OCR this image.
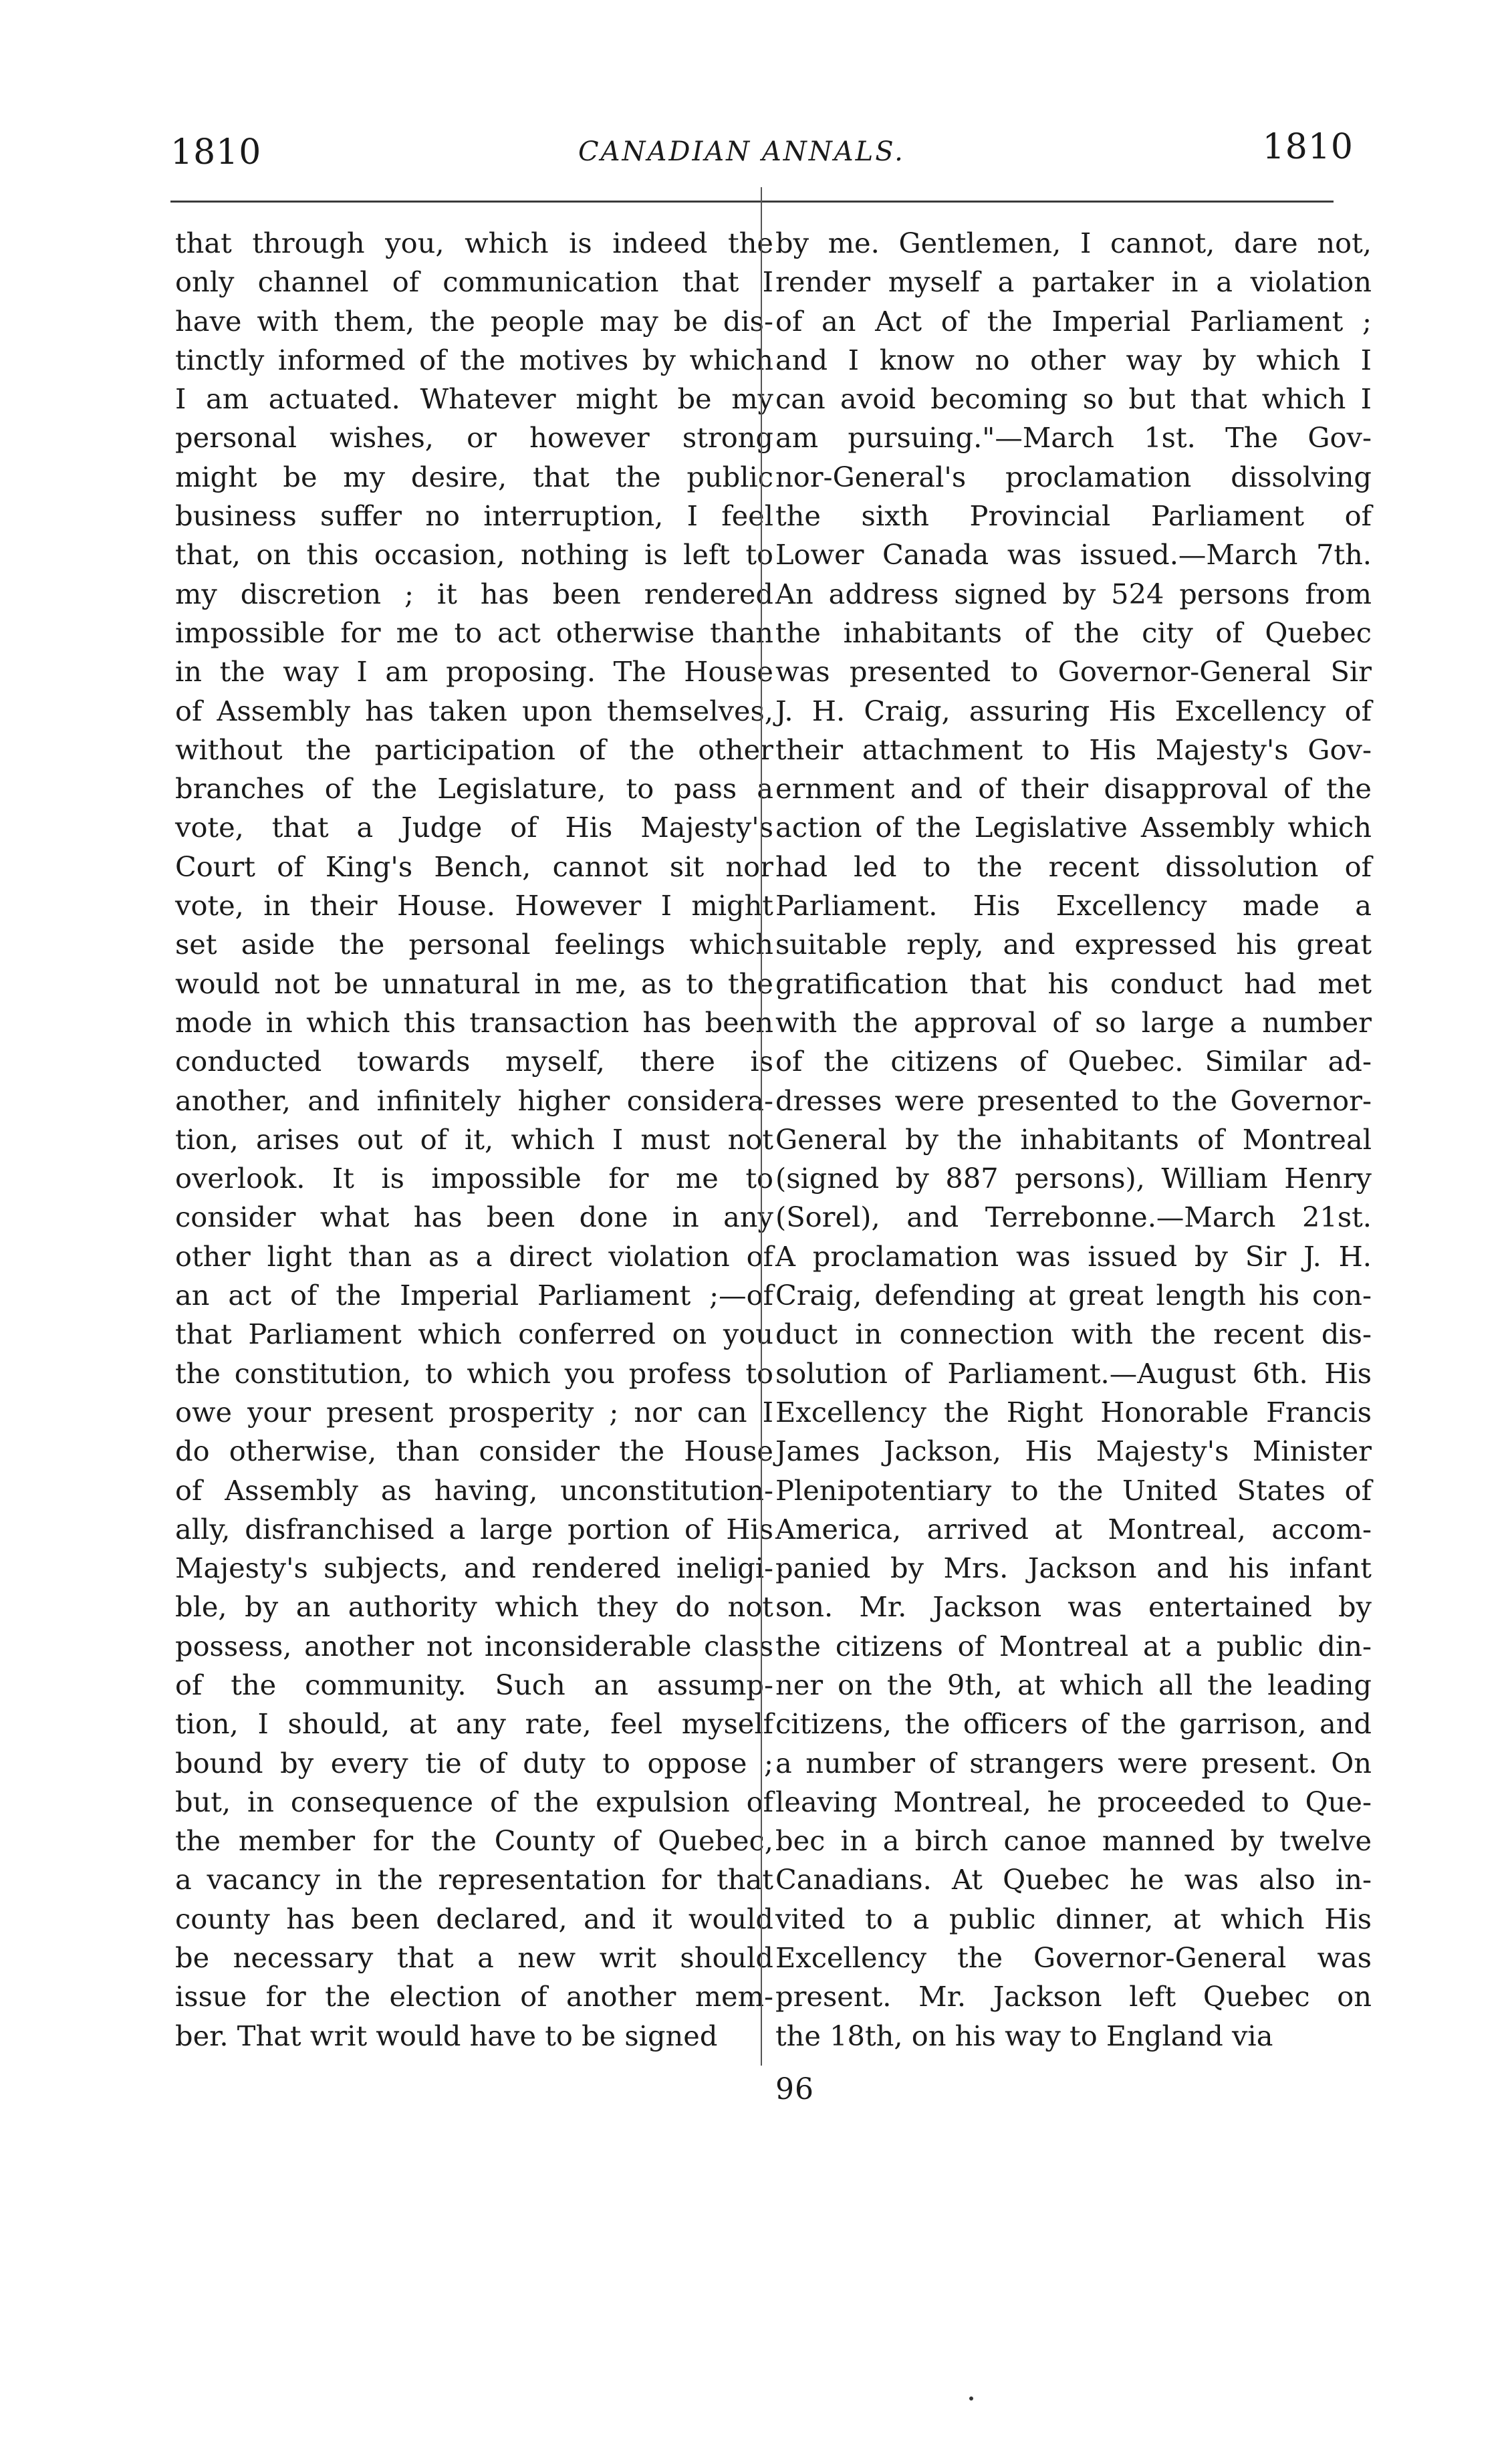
1810	CANADIAN ANNALS.	1810
that through you, which is indeed the
only channel of communication that I
have with them, the people may be dis-
tinctly informed of the motives by which
I am actuated. Whatever might be my
personal wishes, or however strong
might be my desire, that the public
business suffer no interruption, I feel
that, on this occasion, nothing is left to
my discretion ; it has been rendered
impossible for me to act otherwise than
in the way I am proposing. The House
of Assembly has taken upon themselves,
without the participation of the other
branches of the Legislature, to pass a
vote, that a Judge of His Majesty's
Court of King's Bench, cannot sit nor
vote, in their House. However I might
set aside the personal feelings which
would not be unnatural in me, as to the
mode in which this transaction has been
conducted towards myself, there is
another, and infinitely higher considera-
tion, arises out of it, which I must not
overlook. It is impossible for me to
consider what has been done in any
other light than as a direct violation of
an act of the Imperial Parliament ;—of
that Parliament which conferred on you
the constitution, to which you profess to
owe your present prosperity ; nor can I
do otherwise, than consider the House
of Assembly as having, unconstitution-
ally, disfranchised a large portion of His
Majesty's subjects, and rendered ineligi-
ble, by an authority which they do not
possess, another not inconsiderable class
of the community. Such an assump-
tion, I should, at any rate, feel myself
bound by every tie of duty to oppose ;
but, in consequence of the expulsion of
the member for the County of Quebec,
a vacancy in the representation for that
county has been declared, and it would
be necessary that a new writ should
issue for the election of another mem-
ber. That writ would have to be signed
by me. Gentlemen, I cannot, dare not,
render myself a partaker in a violation
of an Act of the Imperial Parliament ;
and I know no other way by which I
can avoid becoming so but that which I
am pursuing."—March 1st. The Gov-
nor-General's proclamation dissolving
the sixth Provincial Parliament of
Lower Canada was issued.—March 7th.
An address signed by 524 persons from
the inhabitants of the city of Quebec
was presented to Governor-General Sir
J. H. Craig, assuring His Excellency of
their attachment to His Majesty's Gov-
ernment and of their disapproval of the
action of the Legislative Assembly which
had led to the recent dissolution of
Parliament. His Excellency made a
suitable reply, and expressed his great
gratification that his conduct had met
with the approval of so large a number
of the citizens of Quebec. Similar ad-
dresses were presented to the Governor-
General by the inhabitants of Montreal
(signed by 887 persons), William Henry
(Sorel), and Terrebonne.—March 21st.
A proclamation was issued by Sir J. H.
Craig, defending at great length his con-
duct in connection with the recent dis-
solution of Parliament.—August 6th. His
Excellency the Right Honorable Francis
James Jackson, His Majesty's Minister
Plenipotentiary to the United States of
America, arrived at Montreal, accom-
panied by Mrs. Jackson and his infant
son. Mr. Jackson was entertained by
the citizens of Montreal at a public din-
ner on the 9th, at which all the leading
citizens, the officers of the garrison, and
a number of strangers were present. On
leaving Montreal, he proceeded to Que-
bec in a birch canoe manned by twelve
Canadians. At Quebec he was also in-
vited to a public dinner, at which His
Excellency the Governor-General was
present. Mr. Jackson left Quebec on
the 18th, on his way to England via
96
